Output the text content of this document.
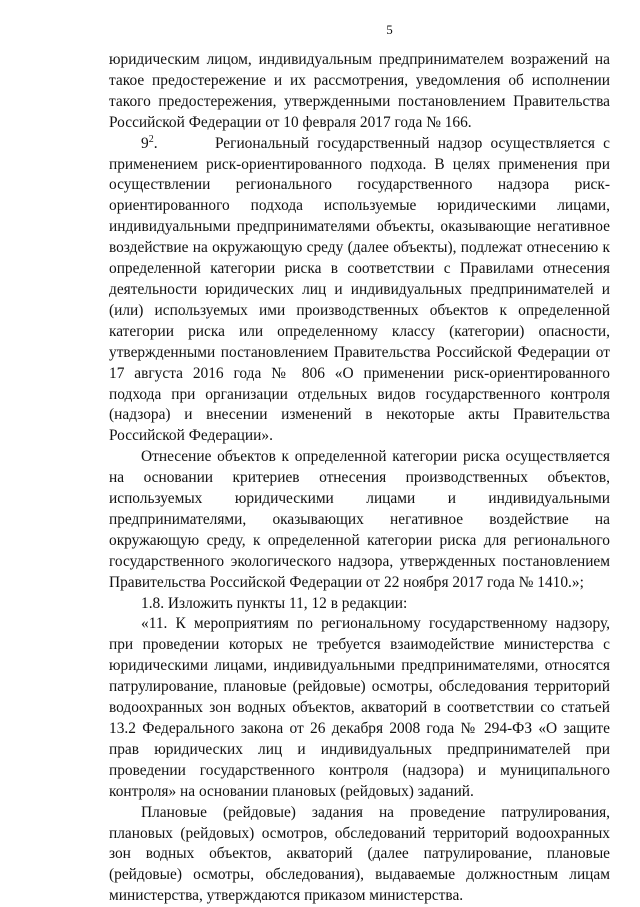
5

юридическим лицом, индивидуальным предпринимателем возражений на такое предостережение и их рассмотрения, уведомления об исполнении такого предостережения, утвержденными постановлением Правительства Российской Федерации от 10 февраля 2017 года № 166.

$9^2$.	Региональный государственный надзор осуществляется с применением риск-ориентированного подхода. В целях применения при осуществлении регионального государственного надзора риск-ориентированного подхода используемые юридическими лицами, индивидуальными предпринимателями объекты, оказывающие негативное воздействие на окружающую среду (далее объекты), подлежат отнесению к определенной категории риска в соответствии с Правилами отнесения деятельности юридических лиц и индивидуальных предпринимателей и (или) используемых ими производственных объектов к определенной категории риска или определенному классу (категории) опасности, утвержденными постановлением Правительства Российской Федерации от 17 августа 2016 года № 806 «О применении риск-ориентированного подхода при организации отдельных видов государственного контроля (надзора) и внесении изменений в некоторые акты Правительства Российской Федерации».

Отнесение объектов к определенной категории риска осуществляется на основании критериев отнесения производственных объектов, используемых юридическими лицами и индивидуальными предпринимателями, оказывающих негативное воздействие на окружающую среду, к определенной категории риска для регионального государственного экологического надзора, утвержденных постановлением Правительства Российской Федерации от 22 ноября 2017 года № 1410.»;

1.8. Изложить пункты 11, 12 в редакции:

«11. К мероприятиям по региональному государственному надзору, при проведении которых не требуется взаимодействие министерства с юридическими лицами, индивидуальными предпринимателями, относятся патрулирование, плановые (рейдовые) осмотры, обследования территорий водоохранных зон водных объектов, акваторий в соответствии со статьей 13.2 Федерального закона от 26 декабря 2008 года № 294-ФЗ «О защите прав юридических лиц и индивидуальных предпринимателей при проведении государственного контроля (надзора) и муниципального контроля» на основании плановых (рейдовых) заданий.

Плановые (рейдовые) задания на проведение патрулирования, плановых (рейдовых) осмотров, обследований территорий водоохранных зон водных объектов, акваторий (далее патрулирование, плановые (рейдовые) осмотры, обследования), выдаваемые должностным лицам министерства, утверждаются приказом министерства.
